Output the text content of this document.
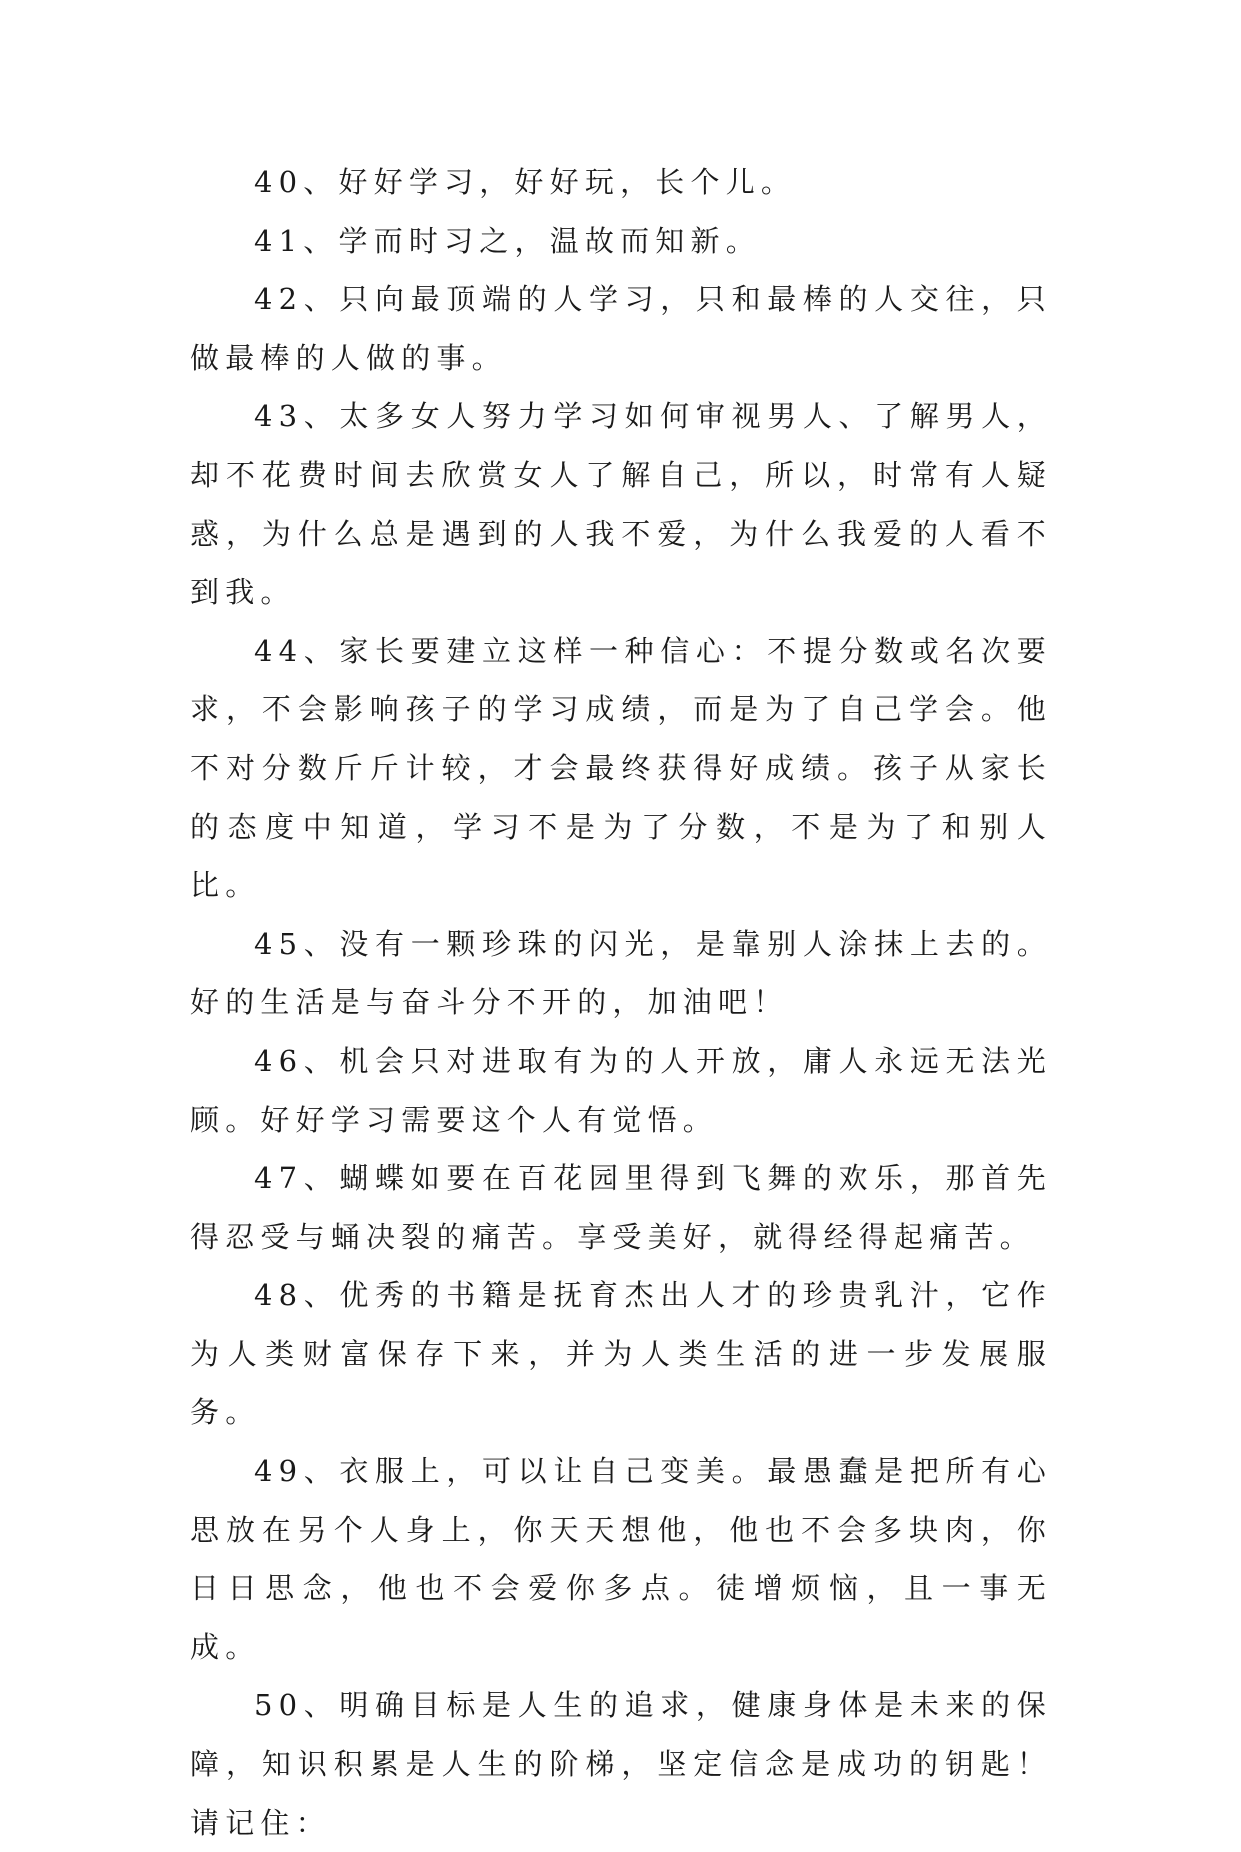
40、好好学习，好好玩，长个儿。

41、学而时习之，温故而知新。

42、只向最顶端的人学习，只和最棒的人交往，只做最棒的人做的事。

43、太多女人努力学习如何审视男人、了解男人，却不花费时间去欣赏女人了解自己，所以，时常有人疑惑，为什么总是遇到的人我不爱，为什么我爱的人看不到我。

44、家长要建立这样一种信心：不提分数或名次要求，不会影响孩子的学习成绩，而是为了自己学会。他不对分数斤斤计较，才会最终获得好成绩。孩子从家长的态度中知道，学习不是为了分数，不是为了和别人比。

45、没有一颗珍珠的闪光，是靠别人涂抹上去的。好的生活是与奋斗分不开的，加油吧！

46、机会只对进取有为的人开放，庸人永远无法光顾。好好学习需要这个人有觉悟。

47、蝴蝶如要在百花园里得到飞舞的欢乐，那首先得忍受与蛹决裂的痛苦。享受美好，就得经得起痛苦。

48、优秀的书籍是抚育杰出人才的珍贵乳汁，它作为人类财富保存下来，并为人类生活的进一步发展服务。

49、衣服上，可以让自己变美。最愚蠢是把所有心思放在另个人身上，你天天想他，他也不会多块肉，你日日思念，他也不会爱你多点。徒增烦恼，且一事无成。

50、明确目标是人生的追求，健康身体是未来的保障，知识积累是人生的阶梯，坚定信念是成功的钥匙！请记住：
